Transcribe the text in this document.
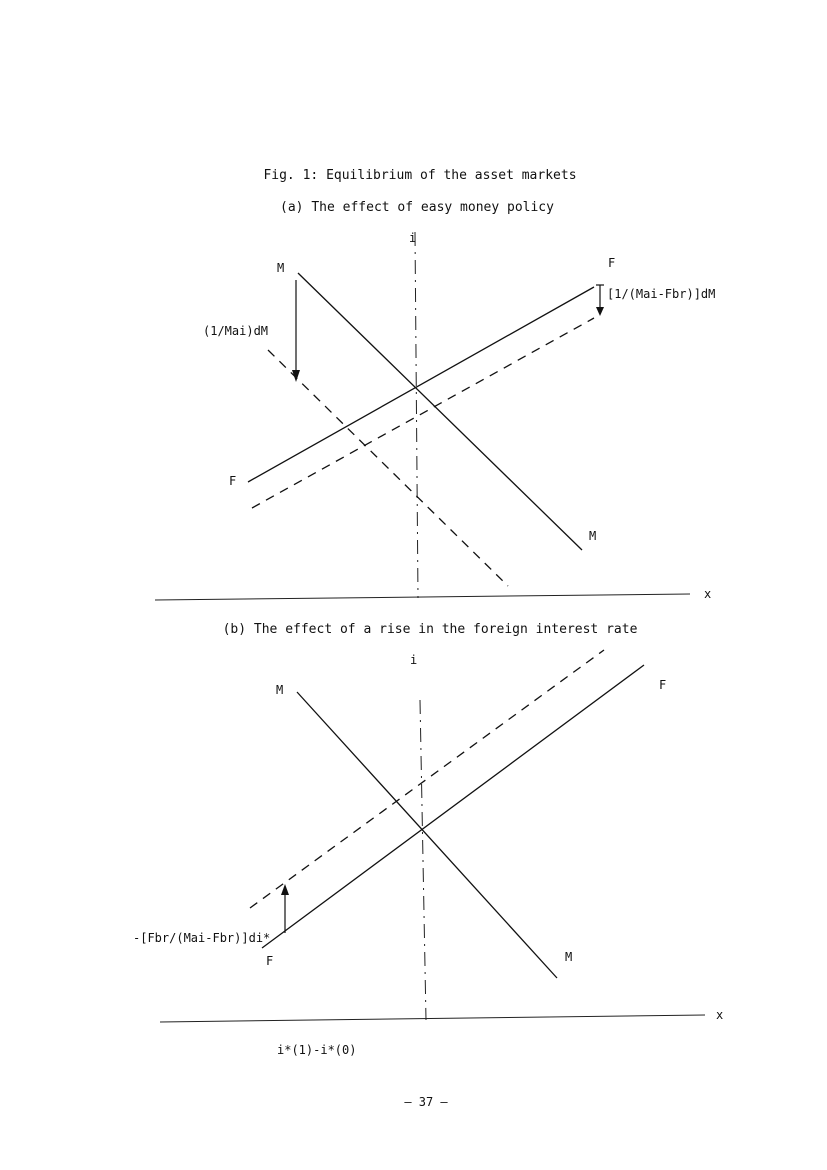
Fig. 1: Equilibrium of the asset markets
(a) The effect of easy money policy
i
x
M
M
F
F
(1/Mai)dM
[1/(Mai-Fbr)]dM
(b) The effect of a rise in the foreign interest rate
i
x
M
M
F
F
-[Fbr/(Mai-Fbr)]di*
i*(1)-i*(0)
— 37 —
